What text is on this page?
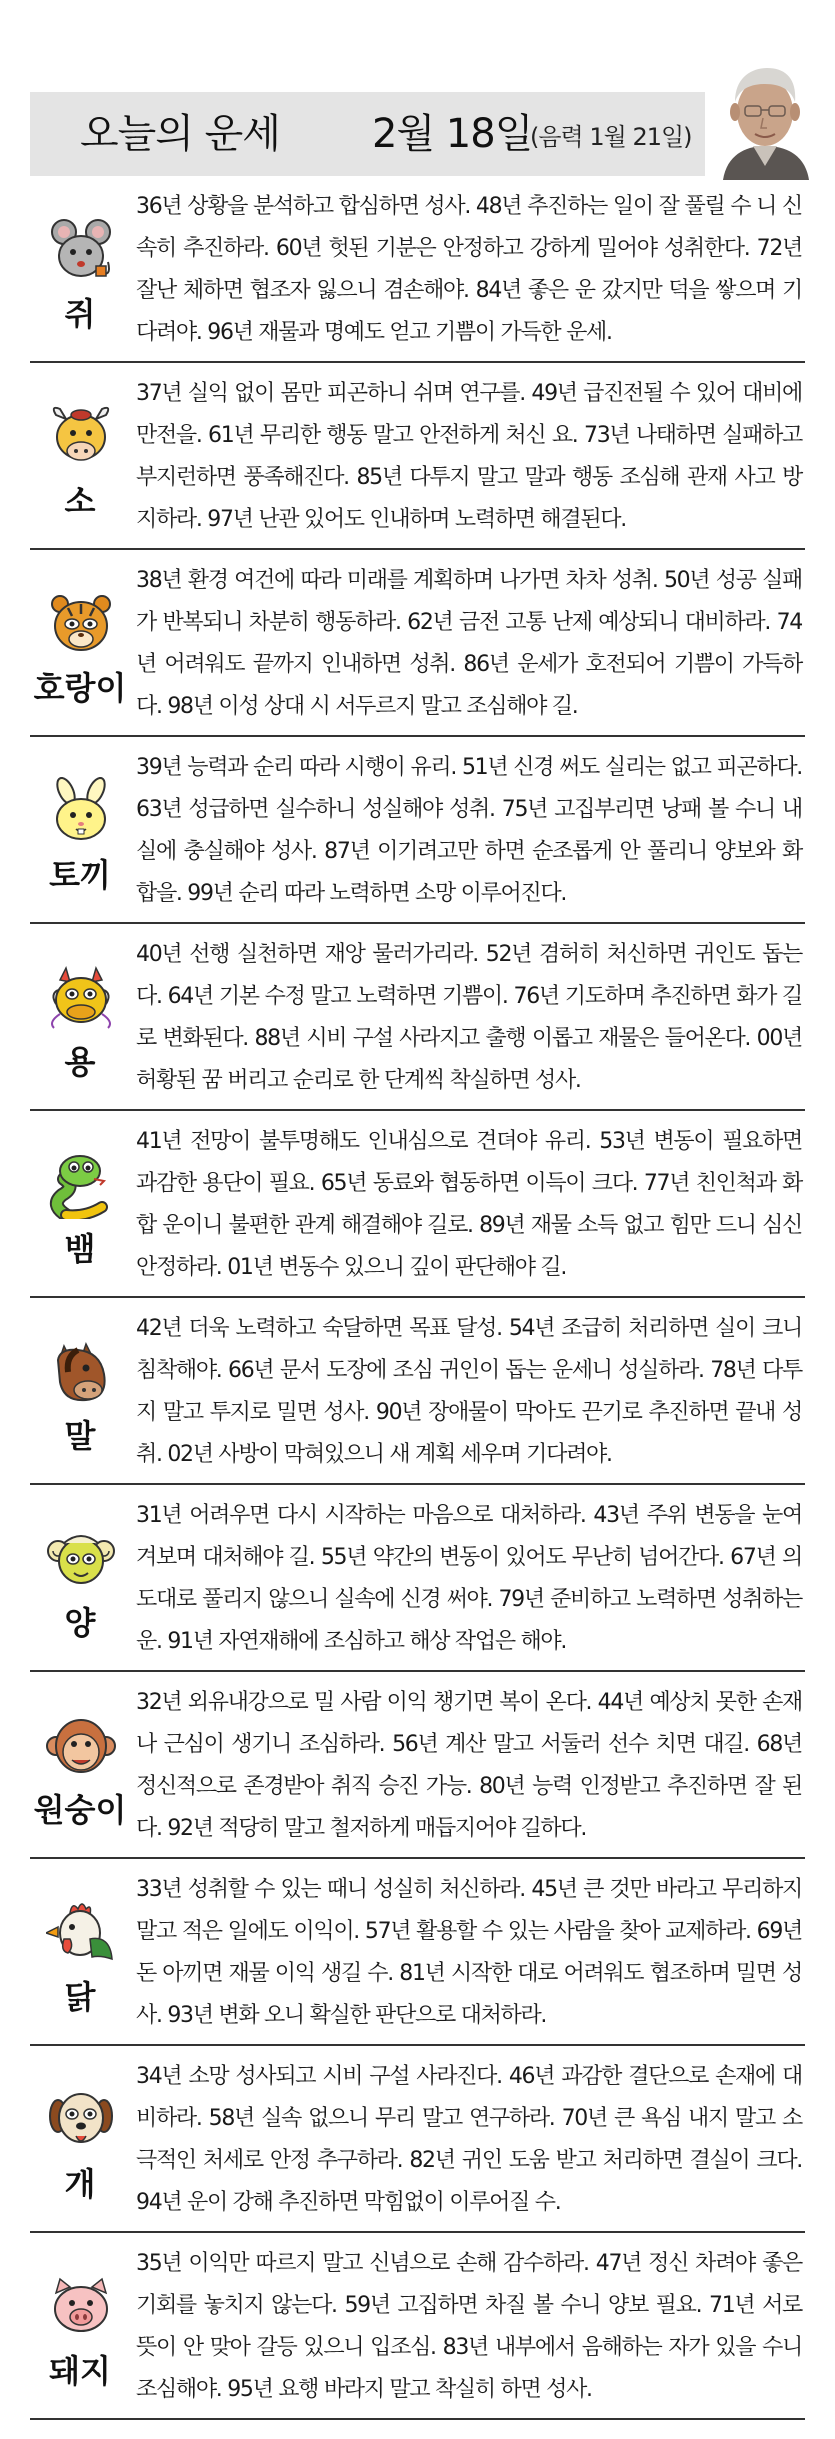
오늘의 운세 2월 18일
(음력 1월 21일)
쥐

36년 상황을 분석하고 합심하면 성사. 48년 추진하는 일이 잘 풀릴 수 니 신속히 추진하라. 60년 헛된 기분은 안정하고 강하게 밀어야 성취한다. 72년 잘난 체하면 협조자 잃으니 겸손해야. 84년 좋은 운 갔지만 덕을 쌓으며 기다려야. 96년 재물과 명예도 얻고 기쁨이 가득한 운세.

소

37년 실익 없이 몸만 피곤하니 쉬며 연구를. 49년 급진전될 수 있어 대비에 만전을. 61년 무리한 행동 말고 안전하게 처신 요. 73년 나태하면 실패하고 부지런하면 풍족해진다. 85년 다투지 말고 말과 행동 조심해 관재 사고 방지하라. 97년 난관 있어도 인내하며 노력하면 해결된다.

호랑이

38년 환경 여건에 따라 미래를 계획하며 나가면 차차 성취. 50년 성공 실패가 반복되니 차분히 행동하라. 62년 금전 고통 난제 예상되니 대비하라. 74년 어려워도 끝까지 인내하면 성취. 86년 운세가 호전되어 기쁨이 가득하다. 98년 이성 상대 시 서두르지 말고 조심해야 길.

토끼

39년 능력과 순리 따라 시행이 유리. 51년 신경 써도 실리는 없고 피곤하다. 63년 성급하면 실수하니 성실해야 성취. 75년 고집부리면 낭패 볼 수니 내실에 충실해야 성사. 87년 이기려고만 하면 순조롭게 안 풀리니 양보와 화합을. 99년 순리 따라 노력하면 소망 이루어진다.

용

40년 선행 실천하면 재앙 물러가리라. 52년 겸허히 처신하면 귀인도 돕는다. 64년 기본 수정 말고 노력하면 기쁨이. 76년 기도하며 추진하면 화가 길로 변화된다. 88년 시비 구설 사라지고 출행 이롭고 재물은 들어온다. 00년 허황된 꿈 버리고 순리로 한 단계씩 착실하면 성사.

뱀

41년 전망이 불투명해도 인내심으로 견뎌야 유리. 53년 변동이 필요하면 과감한 용단이 필요. 65년 동료와 협동하면 이득이 크다. 77년 친인척과 화합 운이니 불편한 관계 해결해야 길로. 89년 재물 소득 없고 힘만 드니 심신 안정하라. 01년 변동수 있으니 깊이 판단해야 길.

말

42년 더욱 노력하고 숙달하면 목표 달성. 54년 조급히 처리하면 실이 크니 침착해야. 66년 문서 도장에 조심 귀인이 돕는 운세니 성실하라. 78년 다투지 말고 투지로 밀면 성사. 90년 장애물이 막아도 끈기로 추진하면 끝내 성취. 02년 사방이 막혀있으니 새 계획 세우며 기다려야.

양

31년 어려우면 다시 시작하는 마음으로 대처하라. 43년 주위 변동을 눈여겨보며 대처해야 길. 55년 약간의 변동이 있어도 무난히 넘어간다. 67년 의도대로 풀리지 않으니 실속에 신경 써야. 79년 준비하고 노력하면 성취하는 운. 91년 자연재해에 조심하고 해상 작업은 해야.

원숭이

32년 외유내강으로 밀 사람 이익 챙기면 복이 온다. 44년 예상치 못한 손재나 근심이 생기니 조심하라. 56년 계산 말고 서둘러 선수 치면 대길. 68년 정신적으로 존경받아 취직 승진 가능. 80년 능력 인정받고 추진하면 잘 된다. 92년 적당히 말고 철저하게 매듭지어야 길하다.

닭

33년 성취할 수 있는 때니 성실히 처신하라. 45년 큰 것만 바라고 무리하지 말고 적은 일에도 이익이. 57년 활용할 수 있는 사람을 찾아 교제하라. 69년 돈 아끼면 재물 이익 생길 수. 81년 시작한 대로 어려워도 협조하며 밀면 성사. 93년 변화 오니 확실한 판단으로 대처하라.

개

34년 소망 성사되고 시비 구설 사라진다. 46년 과감한 결단으로 손재에 대비하라. 58년 실속 없으니 무리 말고 연구하라. 70년 큰 욕심 내지 말고 소극적인 처세로 안정 추구하라. 82년 귀인 도움 받고 처리하면 결실이 크다. 94년 운이 강해 추진하면 막힘없이 이루어질 수.

돼지

35년 이익만 따르지 말고 신념으로 손해 감수하라. 47년 정신 차려야 좋은 기회를 놓치지 않는다. 59년 고집하면 차질 볼 수니 양보 필요. 71년 서로 뜻이 안 맞아 갈등 있으니 입조심. 83년 내부에서 음해하는 자가 있을 수니 조심해야. 95년 요행 바라지 말고 착실히 하면 성사.
